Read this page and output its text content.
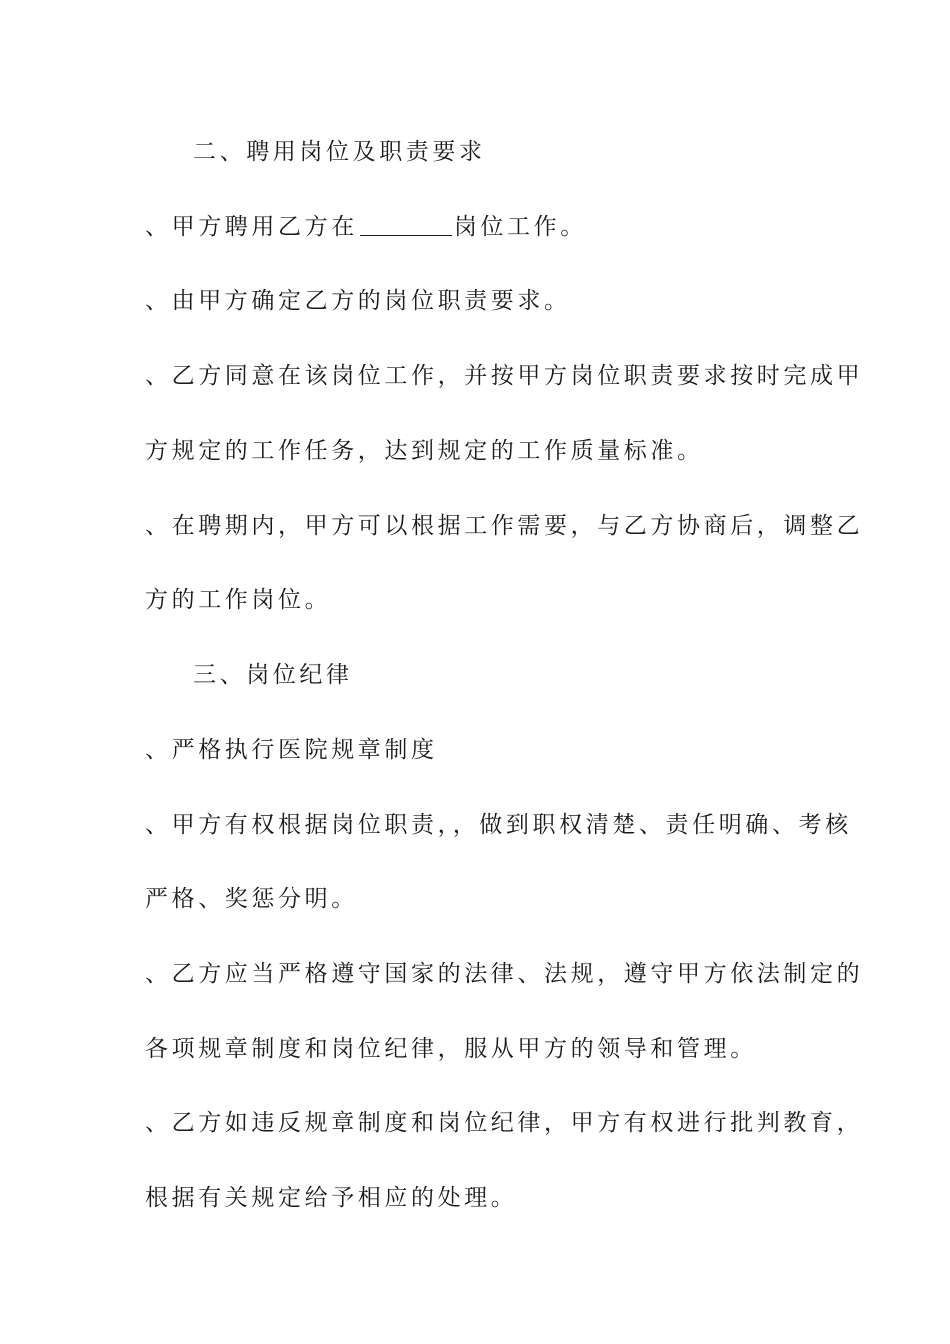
二、聘用岗位及职责要求
、甲方聘用乙方在	岗位工作。
、由甲方确定乙方的岗位职责要求。
、乙方同意在该岗位工作，并按甲方岗位职责要求按时完成甲
方规定的工作任务，达到规定的工作质量标准。
、在聘期内，甲方可以根据工作需要，与乙方协商后，调整乙
方的工作岗位。
三、岗位纪律
、严格执行医院规章制度
、甲方有权根据岗位职责，，做到职权清楚、责任明确、考核
严格、奖惩分明。
、乙方应当严格遵守国家的法律、法规，遵守甲方依法制定的
各项规章制度和岗位纪律，服从甲方的领导和管理。
、乙方如违反规章制度和岗位纪律，甲方有权进行批判教育，
根据有关规定给予相应的处理。
